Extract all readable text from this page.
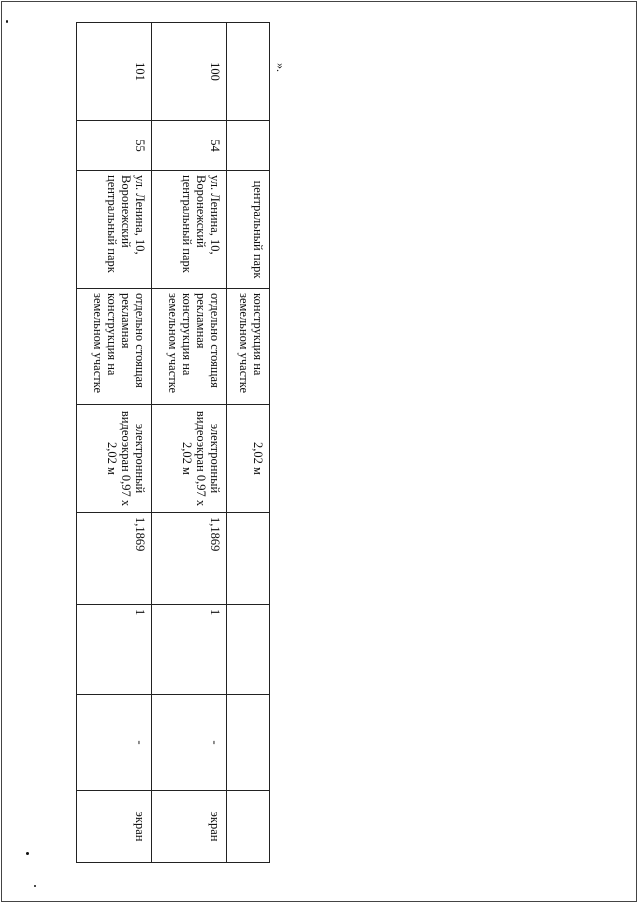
		центральный парк	конструкция на земельном участке	2,02 м				
100	54	ул. Ленина, 10, Воронежский центральный парк	отдельно стоящая рекламная конструкция на земельном участке	электронный видеоэкран 0,97 х 2,02 м	1,1869	1	-	экран
101	55	ул. Ленина, 10, Воронежский центральный парк	отдельно стоящая рекламная конструкция на земельном участке	электронный видеоэкран 0,97 х 2,02 м	1,1869	1	-	экран
».
